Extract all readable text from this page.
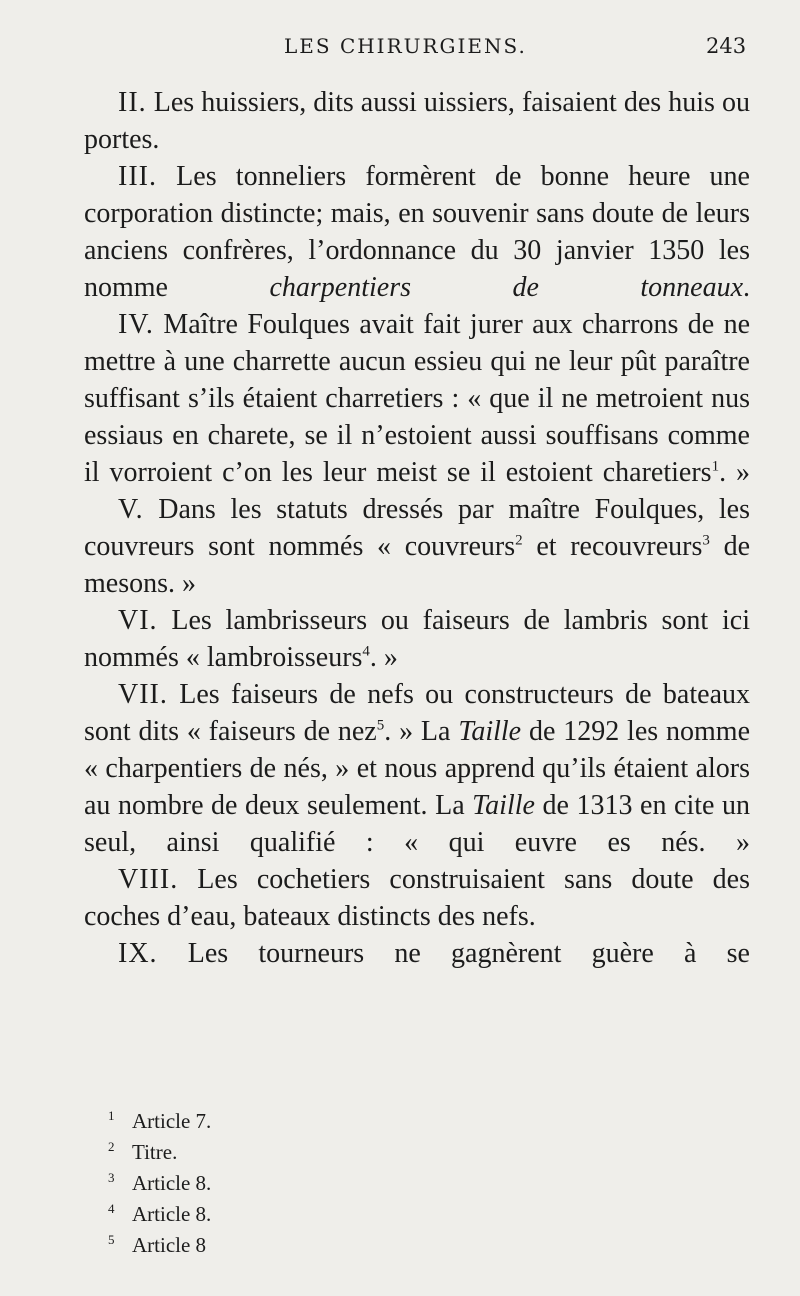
LES CHIRURGIENS.	243

II. Les huissiers, dits aussi uissiers, faisaient des huis ou portes.

III. Les tonneliers formèrent de bonne heure une corporation distincte; mais, en souvenir sans doute de leurs anciens confrères, l’ordonnance du 30 janvier 1350 les nomme charpentiers de tonneaux.

IV. Maître Foulques avait fait jurer aux charrons de ne mettre à une charrette aucun essieu qui ne leur pût paraître suffisant s’ils étaient charretiers : « que il ne metroient nus essiaus en charete, se il n’estoient aussi souffisans comme il vorroient c’on les leur meist se il estoient charetiers$^1$. »

V. Dans les statuts dressés par maître Foulques, les couvreurs sont nommés « couvreurs$^2$ et recouvreurs$^3$ de mesons. »

VI. Les lambrisseurs ou faiseurs de lambris sont ici nommés « lambroisseurs$^4$. »

VII. Les faiseurs de nefs ou constructeurs de bateaux sont dits « faiseurs de nez$^5$. » La Taille de 1292 les nomme « charpentiers de nés, » et nous apprend qu’ils étaient alors au nombre de deux seulement. La Taille de 1313 en cite un seul, ainsi qualifié : « qui euvre es nés. »

VIII. Les cochetiers construisaient sans doute des coches d’eau, bateaux distincts des nefs.

IX. Les tourneurs ne gagnèrent guère à se

1 Article 7.
2 Titre.
3 Article 8.
4 Article 8.
5 Article 8
